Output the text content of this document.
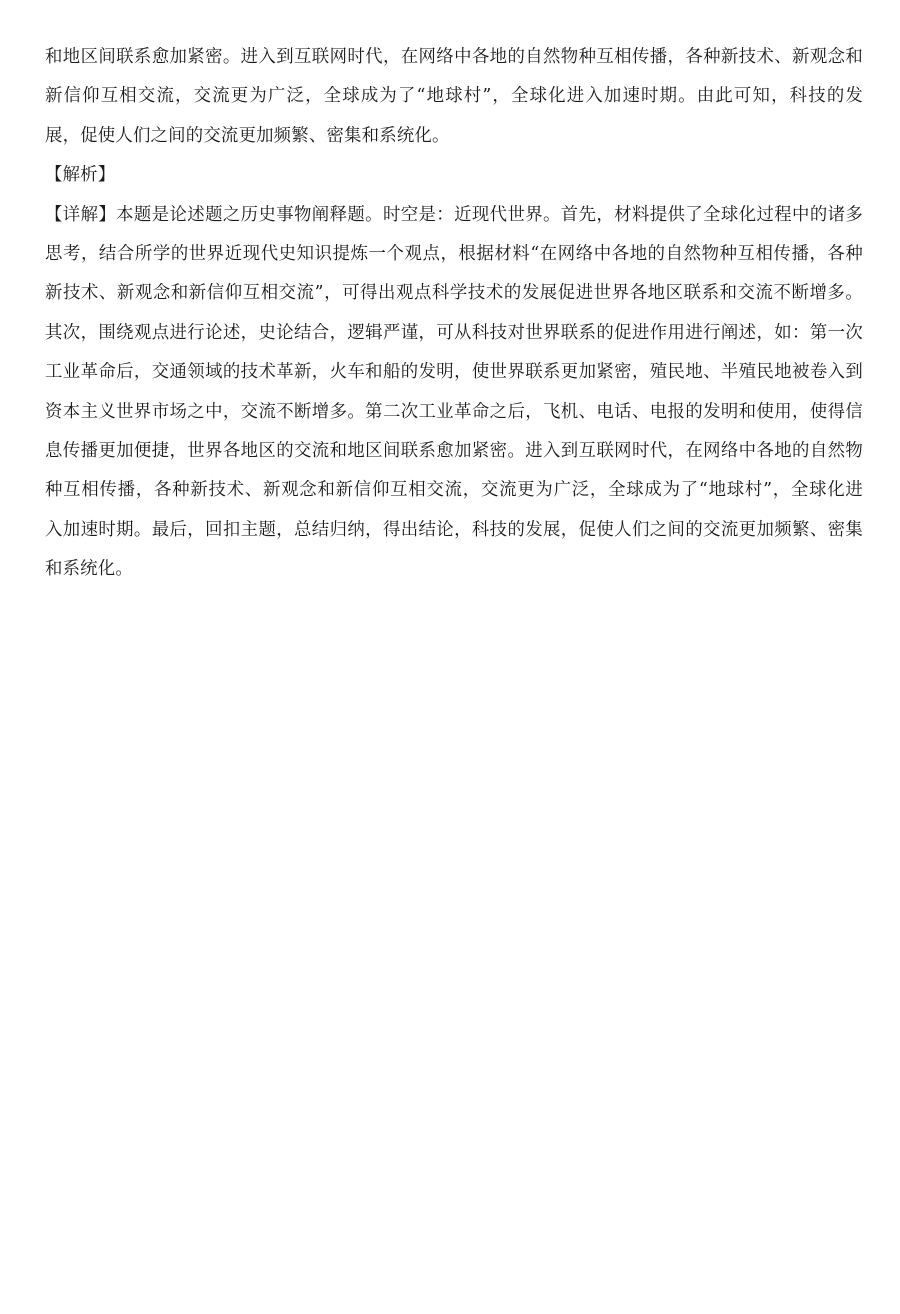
和地区间联系愈加紧密。进入到互联网时代，在网络中各地的自然物种互相传播，各种新技术、新观念和
新信仰互相交流，交流更为广泛，全球成为了“地球村”，全球化进入加速时期。由此可知，科技的发
展，促使人们之间的交流更加频繁、密集和系统化。
【解析】
【详解】本题是论述题之历史事物阐释题。时空是：近现代世界。首先，材料提供了全球化过程中的诸多
思考，结合所学的世界近现代史知识提炼一个观点，根据材料“在网络中各地的自然物种互相传播，各种
新技术、新观念和新信仰互相交流”，可得出观点科学技术的发展促进世界各地区联系和交流不断增多。
其次，围绕观点进行论述，史论结合，逻辑严谨，可从科技对世界联系的促进作用进行阐述，如：第一次
工业革命后，交通领域的技术革新，火车和船的发明，使世界联系更加紧密，殖民地、半殖民地被卷入到
资本主义世界市场之中，交流不断增多。第二次工业革命之后，飞机、电话、电报的发明和使用，使得信
息传播更加便捷，世界各地区的交流和地区间联系愈加紧密。进入到互联网时代，在网络中各地的自然物
种互相传播，各种新技术、新观念和新信仰互相交流，交流更为广泛，全球成为了“地球村”，全球化进
入加速时期。最后，回扣主题，总结归纳，得出结论，科技的发展，促使人们之间的交流更加频繁、密集
和系统化。
